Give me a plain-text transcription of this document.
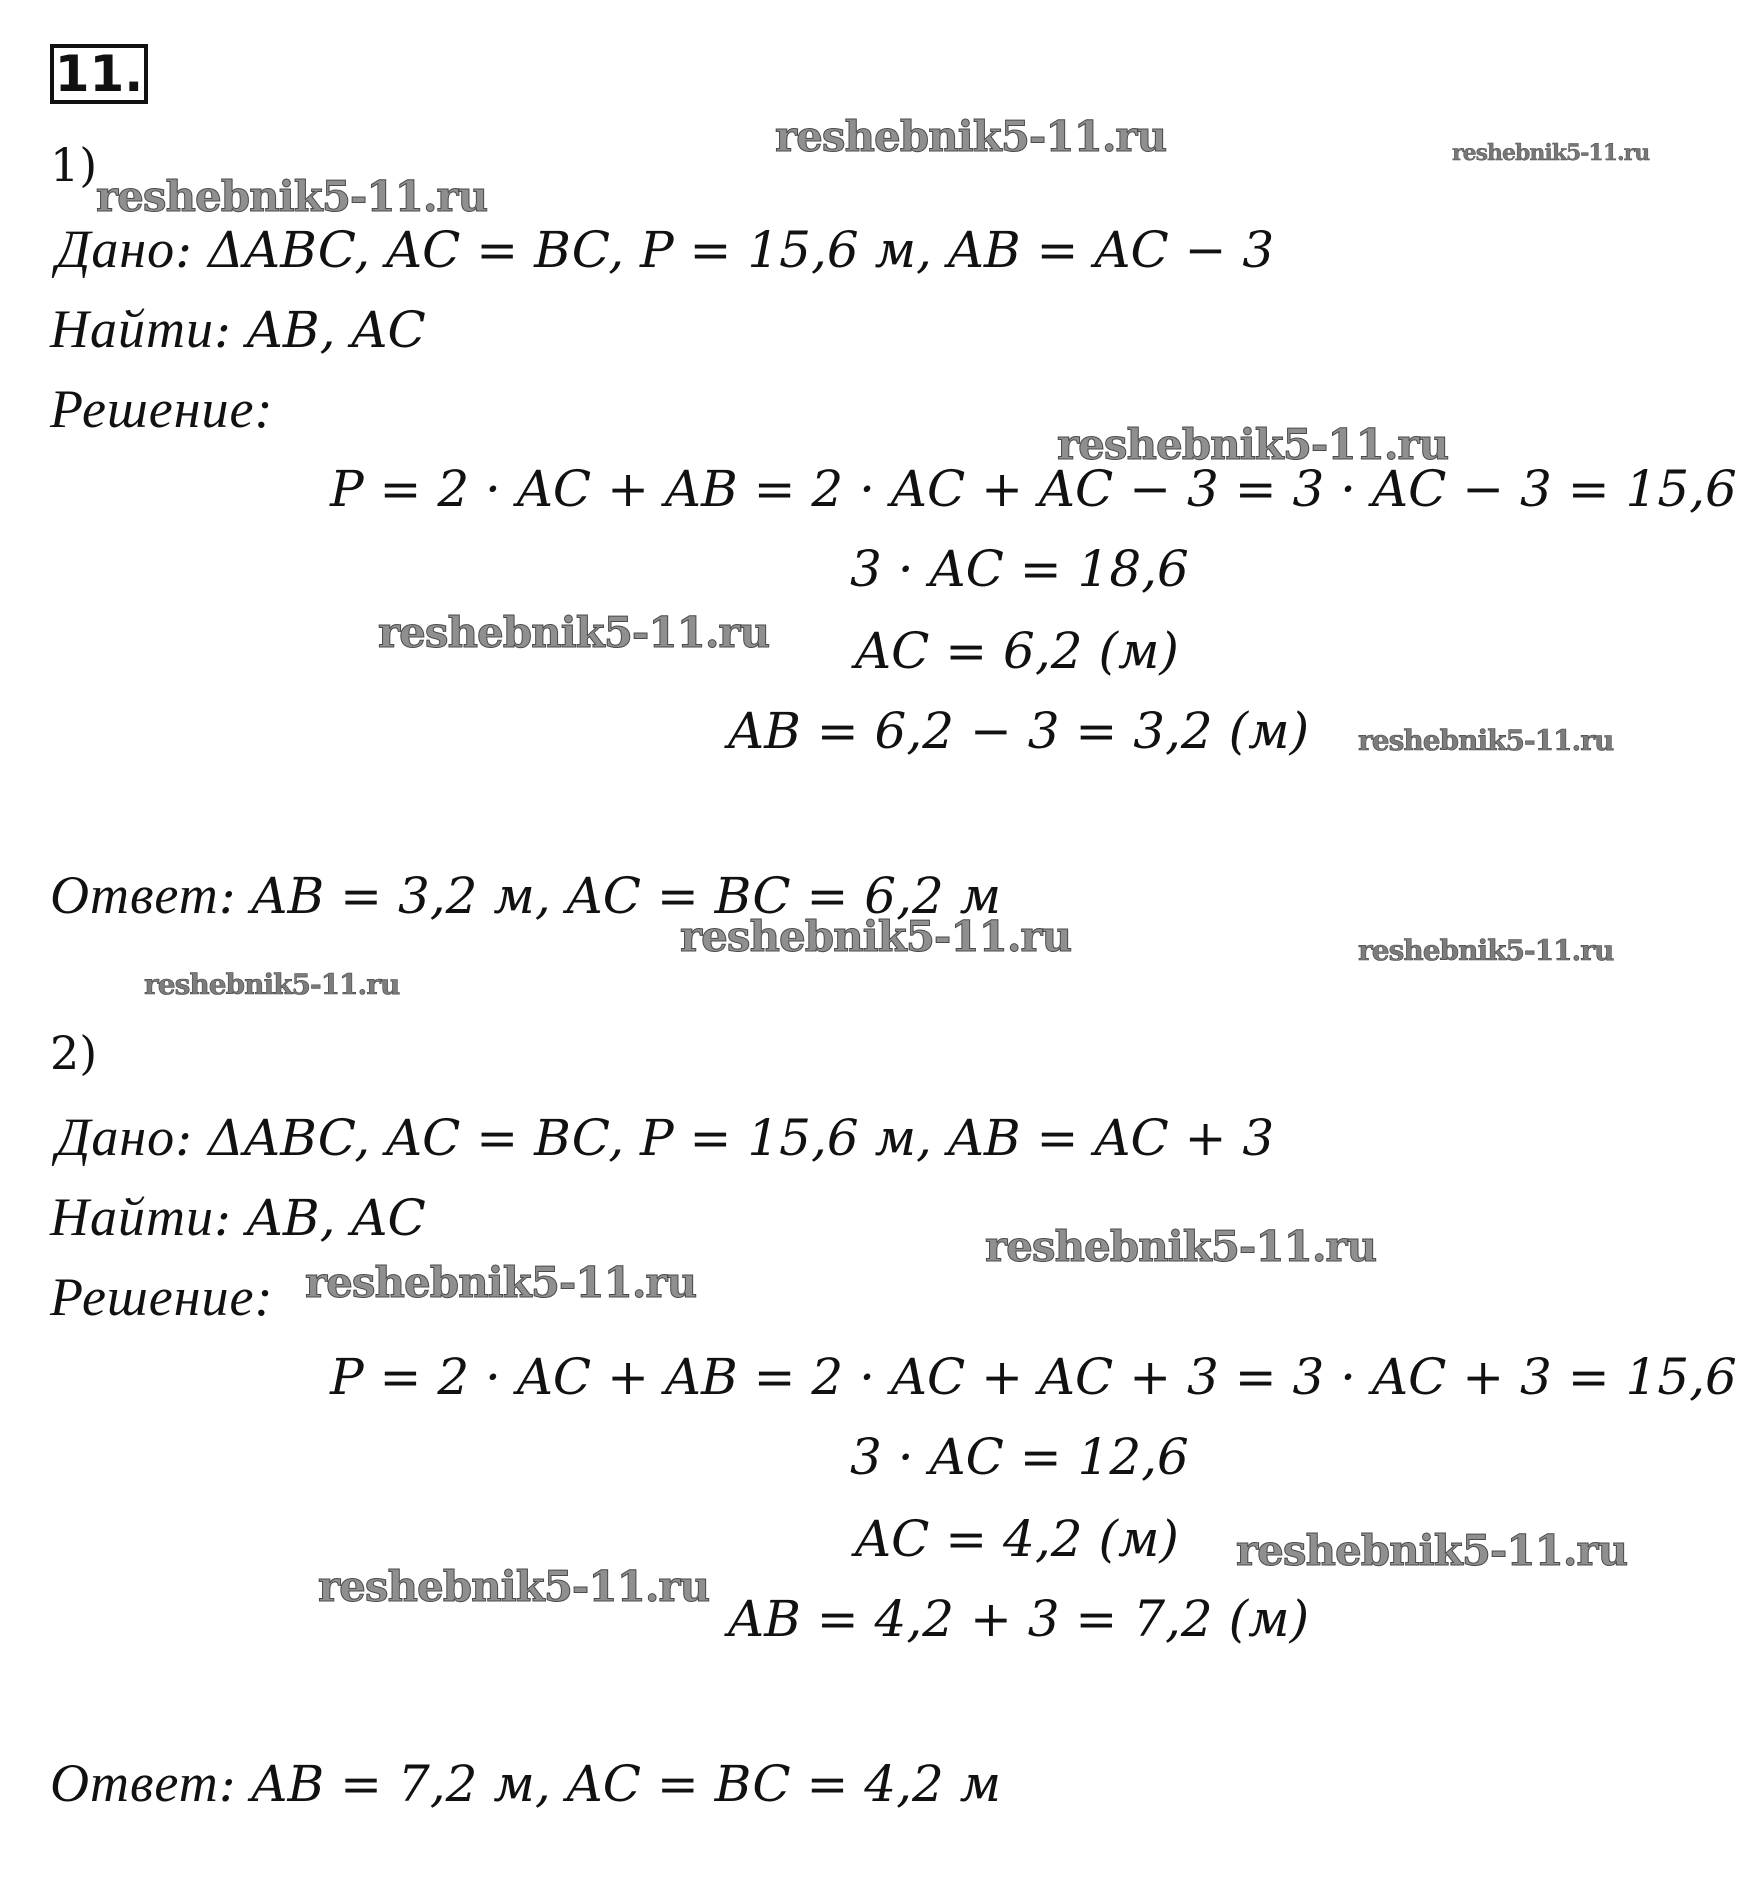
11.
1)
Дано: ΔABC, AC = BC, P = 15,6 м, AB = AC − 3
Найти: AB, AC
Решение:
P = 2 · AC + AB = 2 · AC + AC − 3 = 3 · AC − 3 = 15,6
3 · AC = 18,6
AC = 6,2 (м)
AB = 6,2 − 3 = 3,2 (м)
Ответ: AB = 3,2 м, AC = BC = 6,2 м
2)
Дано: ΔABC, AC = BC, P = 15,6 м, AB = AC + 3
Найти: AB, AC
Решение:
P = 2 · AC + AB = 2 · AC + AC + 3 = 3 · AC + 3 = 15,6
3 · AC = 12,6
AC = 4,2 (м)
AB = 4,2 + 3 = 7,2 (м)
Ответ: AB = 7,2 м, AC = BC = 4,2 м
reshebnik5-11.ru	reshebnik5-11.ru
reshebnik5-11.ru
reshebnik5-11.ru
reshebnik5-11.ru
reshebnik5-11.ru
reshebnik5-11.ru	reshebnik5-11.ru
reshebnik5-11.ru
reshebnik5-11.ru
reshebnik5-11.ru
reshebnik5-11.ru
reshebnik5-11.ru
